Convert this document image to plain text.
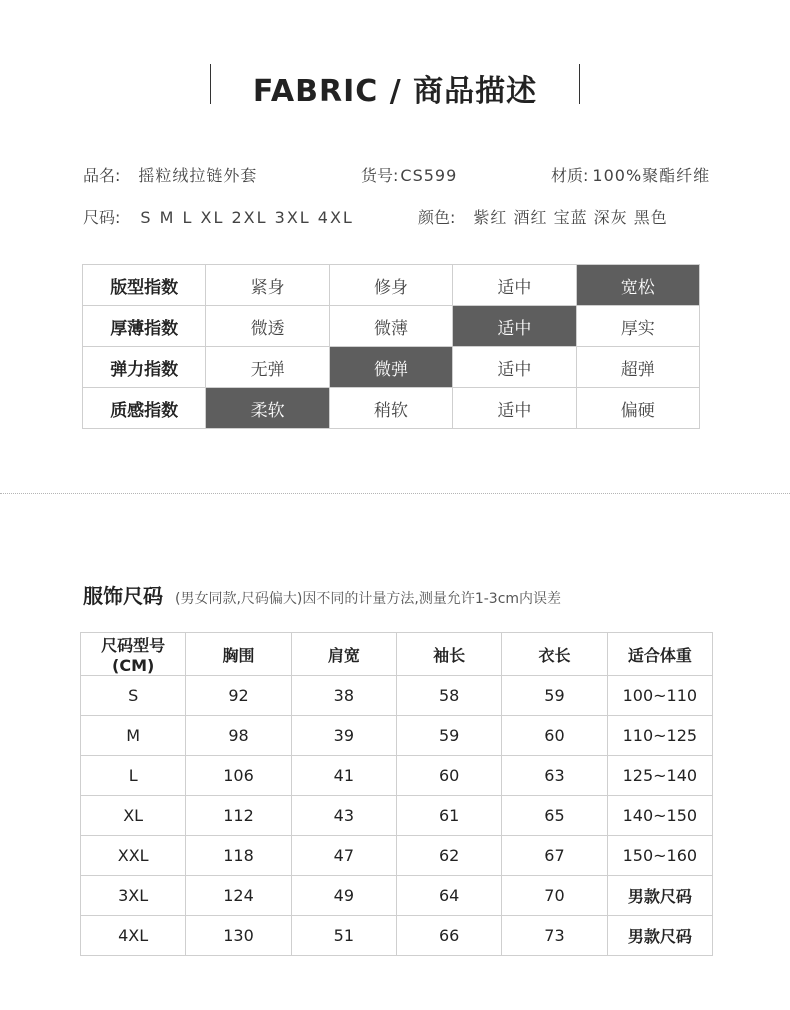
FABRIC / 商品描述
品名: 摇粒绒拉链外套	货号: CS599	材质: 100%聚酯纤维
尺码: S M L XL 2XL 3XL 4XL	颜色: 紫红 酒红 宝蓝 深灰 黑色
版型指数	紧身	修身	适中	宽松
厚薄指数	微透	微薄	适中	厚实
弹力指数	无弹	微弹	适中	超弹
质感指数	柔软	稍软	适中	偏硬
服饰尺码 (男女同款,尺码偏大)因不同的计量方法,测量允许1-3cm内误差
尺码型号(CM)	胸围	肩宽	袖长	衣长	适合体重
S	92	38	58	59	100~110
M	98	39	59	60	110~125
L	106	41	60	63	125~140
XL	112	43	61	65	140~150
XXL	118	47	62	67	150~160
3XL	124	49	64	70	男款尺码
4XL	130	51	66	73	男款尺码
